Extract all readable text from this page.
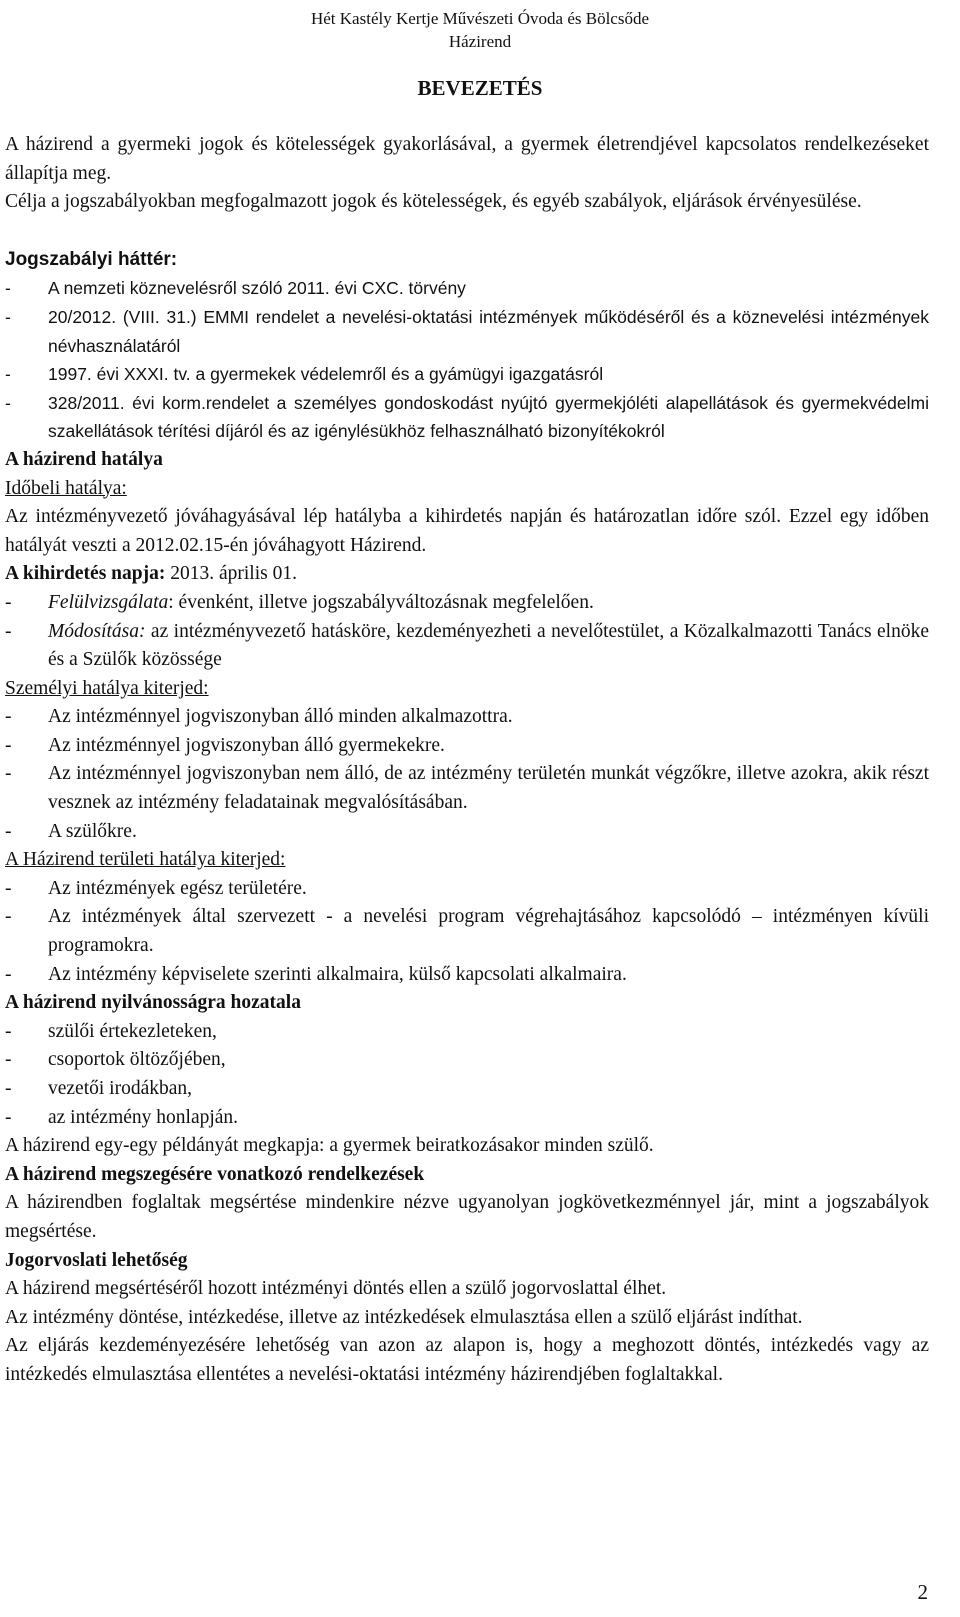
Hét Kastély Kertje Művészeti Óvoda és Bölcsőde
Házirend
BEVEZETÉS

A házirend a gyermeki jogok és kötelességek gyakorlásával, a gyermek életrendjével kapcsolatos rendelkezéseket állapítja meg.

Célja a jogszabályokban megfogalmazott jogok és kötelességek, és egyéb szabályok, eljárások érvényesülése.

Jogszabályi háttér:

-	A nemzeti köznevelésről szóló 2011. évi CXC. törvény
-	20/2012. (VIII. 31.) EMMI rendelet a nevelési-oktatási intézmények működéséről és a köznevelési intézmények névhasználatáról
-	1997. évi XXXI. tv. a gyermekek védelemről és a gyámügyi igazgatásról
-	328/2011. évi korm.rendelet a személyes gondoskodást nyújtó gyermekjóléti alapellátások és gyermekvédelmi szakellátások térítési díjáról és az igénylésükhöz felhasználható bizonyítékokról

A házirend hatálya

Időbeli hatálya:

Az intézményvezető jóváhagyásával lép hatályba a kihirdetés napján és határozatlan időre szól. Ezzel egy időben hatályát veszti a 2012.02.15-én jóváhagyott Házirend.

A kihirdetés napja: 2013. április 01.

-	Felülvizsgálata: évenként, illetve jogszabályváltozásnak megfelelően.
-	Módosítása: az intézményvezető hatásköre, kezdeményezheti a nevelőtestület, a Közalkalmazotti Tanács elnöke és a Szülők közössége

Személyi hatálya kiterjed:

-	Az intézménnyel jogviszonyban álló minden alkalmazottra.
-	Az intézménnyel jogviszonyban álló gyermekekre.
-	Az intézménnyel jogviszonyban nem álló, de az intézmény területén munkát végzőkre, illetve azokra, akik részt vesznek az intézmény feladatainak megvalósításában.
-	A szülőkre.

A Házirend területi hatálya kiterjed:

-	Az intézmények egész területére.
-	Az intézmények által szervezett - a nevelési program végrehajtásához kapcsolódó – intézményen kívüli programokra.
-	Az intézmény képviselete szerinti alkalmaira, külső kapcsolati alkalmaira.

A házirend nyilvánosságra hozatala

-	szülői értekezleteken,
-	csoportok öltözőjében,
-	vezetői irodákban,
-	az intézmény honlapján.

A házirend egy-egy példányát megkapja: a gyermek beiratkozásakor minden szülő.

A házirend megszegésére vonatkozó rendelkezések

A házirendben foglaltak megsértése mindenkire nézve ugyanolyan jogkövetkezménnyel jár, mint a jogszabályok megsértése.

Jogorvoslati lehetőség

A házirend megsértéséről hozott intézményi döntés ellen a szülő jogorvoslattal élhet.

Az intézmény döntése, intézkedése, illetve az intézkedések elmulasztása ellen a szülő eljárást indíthat.

Az eljárás kezdeményezésére lehetőség van azon az alapon is, hogy a meghozott döntés, intézkedés vagy az intézkedés elmulasztása ellentétes a nevelési-oktatási intézmény házirendjében foglaltakkal.

2
